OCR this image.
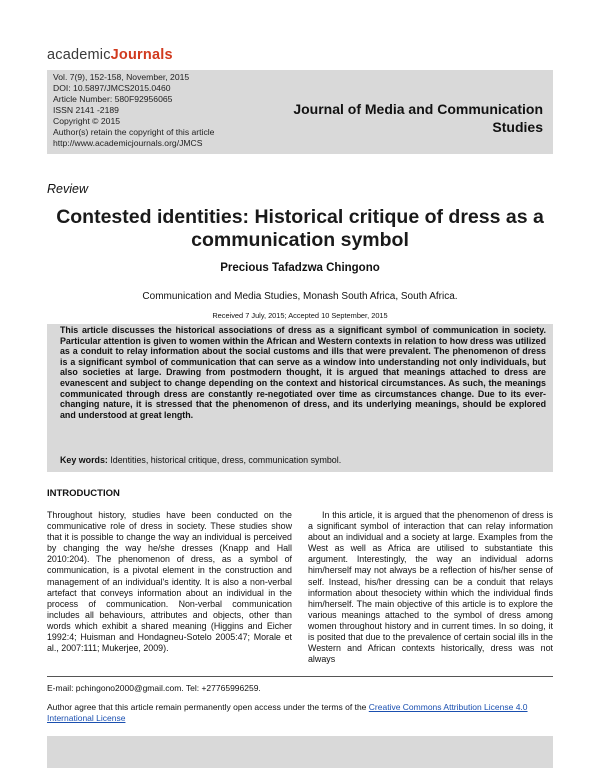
academicJournals
Vol. 7(9), 152-158, November, 2015
DOI: 10.5897/JMCS2015.0460
Article Number: 580F92956065
ISSN 2141 -2189
Copyright © 2015
Author(s) retain the copyright of this article
http://www.academicjournals.org/JMCS
Journal of Media and Communication
Studies
Review
Contested identities: Historical critique of dress as a communication symbol
Precious Tafadzwa Chingono
Communication and Media Studies, Monash South Africa, South Africa.
Received 7 July, 2015; Accepted 10 September, 2015
This article discusses the historical associations of dress as a significant symbol of communication in society. Particular attention is given to women within the African and Western contexts in relation to how dress was utilized as a conduit to relay information about the social customs and ills that were prevalent. The phenomenon of dress is a significant symbol of communication that can serve as a window into understanding not only individuals, but also societies at large. Drawing from postmodern thought, it is argued that meanings attached to dress are evanescent and subject to change depending on the context and historical circumstances. As such, the meanings communicated through dress are constantly re-negotiated over time as circumstances change. Due to its ever-changing nature, it is stressed that the phenomenon of dress, and its underlying meanings, should be explored and understood at great length.
Key words: Identities, historical critique, dress, communication symbol.
INTRODUCTION
Throughout history, studies have been conducted on the communicative role of dress in society. These studies show that it is possible to change the way an individual is perceived by changing the way he/she dresses (Knapp and Hall 2010:204). The phenomenon of dress, as a symbol of communication, is a pivotal element in the construction and management of an individual's identity. It is also a non-verbal artefact that conveys information about an individual in the process of communication. Non-verbal communication includes all behaviours, attributes and objects, other than words which exhibit a shared meaning (Higgins and Eicher 1992:4; Huisman and Hondagneu-Sotelo 2005:47; Morale et al., 2007:111; Mukerjee, 2009).
In this article, it is argued that the phenomenon of dress is a significant symbol of interaction that can relay information about an individual and a society at large. Examples from the West as well as Africa are utilised to substantiate this argument. Interestingly, the way an individual adorns him/herself may not always be a reflection of his/her sense of self. Instead, his/her dressing can be a conduit that relays information about thesociety within which the individual finds him/herself. The main objective of this article is to explore the various meanings attached to the symbol of dress among women throughout history and in current times. In so doing, it is posited that due to the prevalence of certain social ills in the Western and African contexts historically, dress was not always
E-mail: pchingono2000@gmail.com. Tel: +27765996259.
Author agree that this article remain permanently open access under the terms of the Creative Commons Attribution License 4.0 International License
